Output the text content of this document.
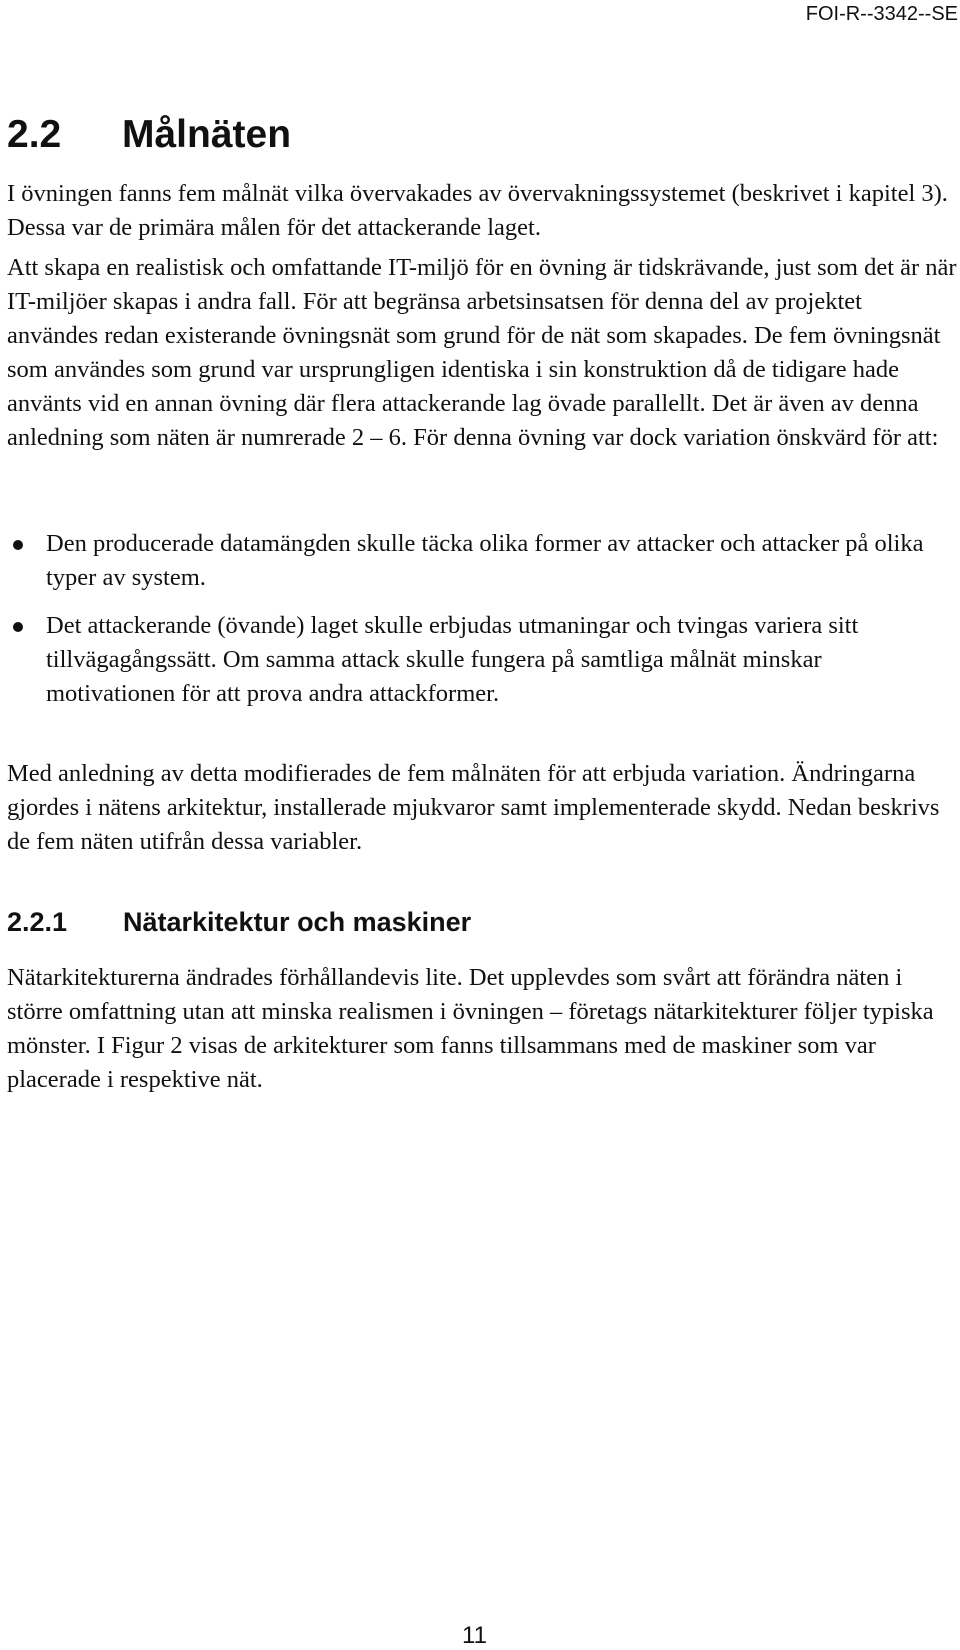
FOI-R--3342--SE
2.2 Målnäten

I övningen fanns fem målnät vilka övervakades av övervakningssystemet (beskrivet i kapitel 3). Dessa var de primära målen för det attackerande laget.

Att skapa en realistisk och omfattande IT-miljö för en övning är tidskrävande, just som det är när IT-miljöer skapas i andra fall. För att begränsa arbetsinsatsen för denna del av projektet användes redan existerande övningsnät som grund för de nät som skapades. De fem övningsnät som användes som grund var ursprungligen identiska i sin konstruktion då de tidigare hade använts vid en annan övning där flera attackerande lag övade parallellt. Det är även av denna anledning som näten är numrerade 2 – 6. För denna övning var dock variation önskvärd för att:

Den producerade datamängden skulle täcka olika former av attacker och attacker på olika typer av system.
Det attackerande (övande) laget skulle erbjudas utmaningar och tvingas variera sitt tillvägagångssätt. Om samma attack skulle fungera på samtliga målnät minskar motivationen för att prova andra attackformer.

Med anledning av detta modifierades de fem målnäten för att erbjuda variation. Ändringarna gjordes i nätens arkitektur, installerade mjukvaror samt implementerade skydd. Nedan beskrivs de fem näten utifrån dessa variabler.

2.2.1 Nätarkitektur och maskiner

Nätarkitekturerna ändrades förhållandevis lite. Det upplevdes som svårt att förändra näten i större omfattning utan att minska realismen i övningen – företags nätarkitekturer följer typiska mönster. I Figur 2 visas de arkitekturer som fanns tillsammans med de maskiner som var placerade i respektive nät.

11
